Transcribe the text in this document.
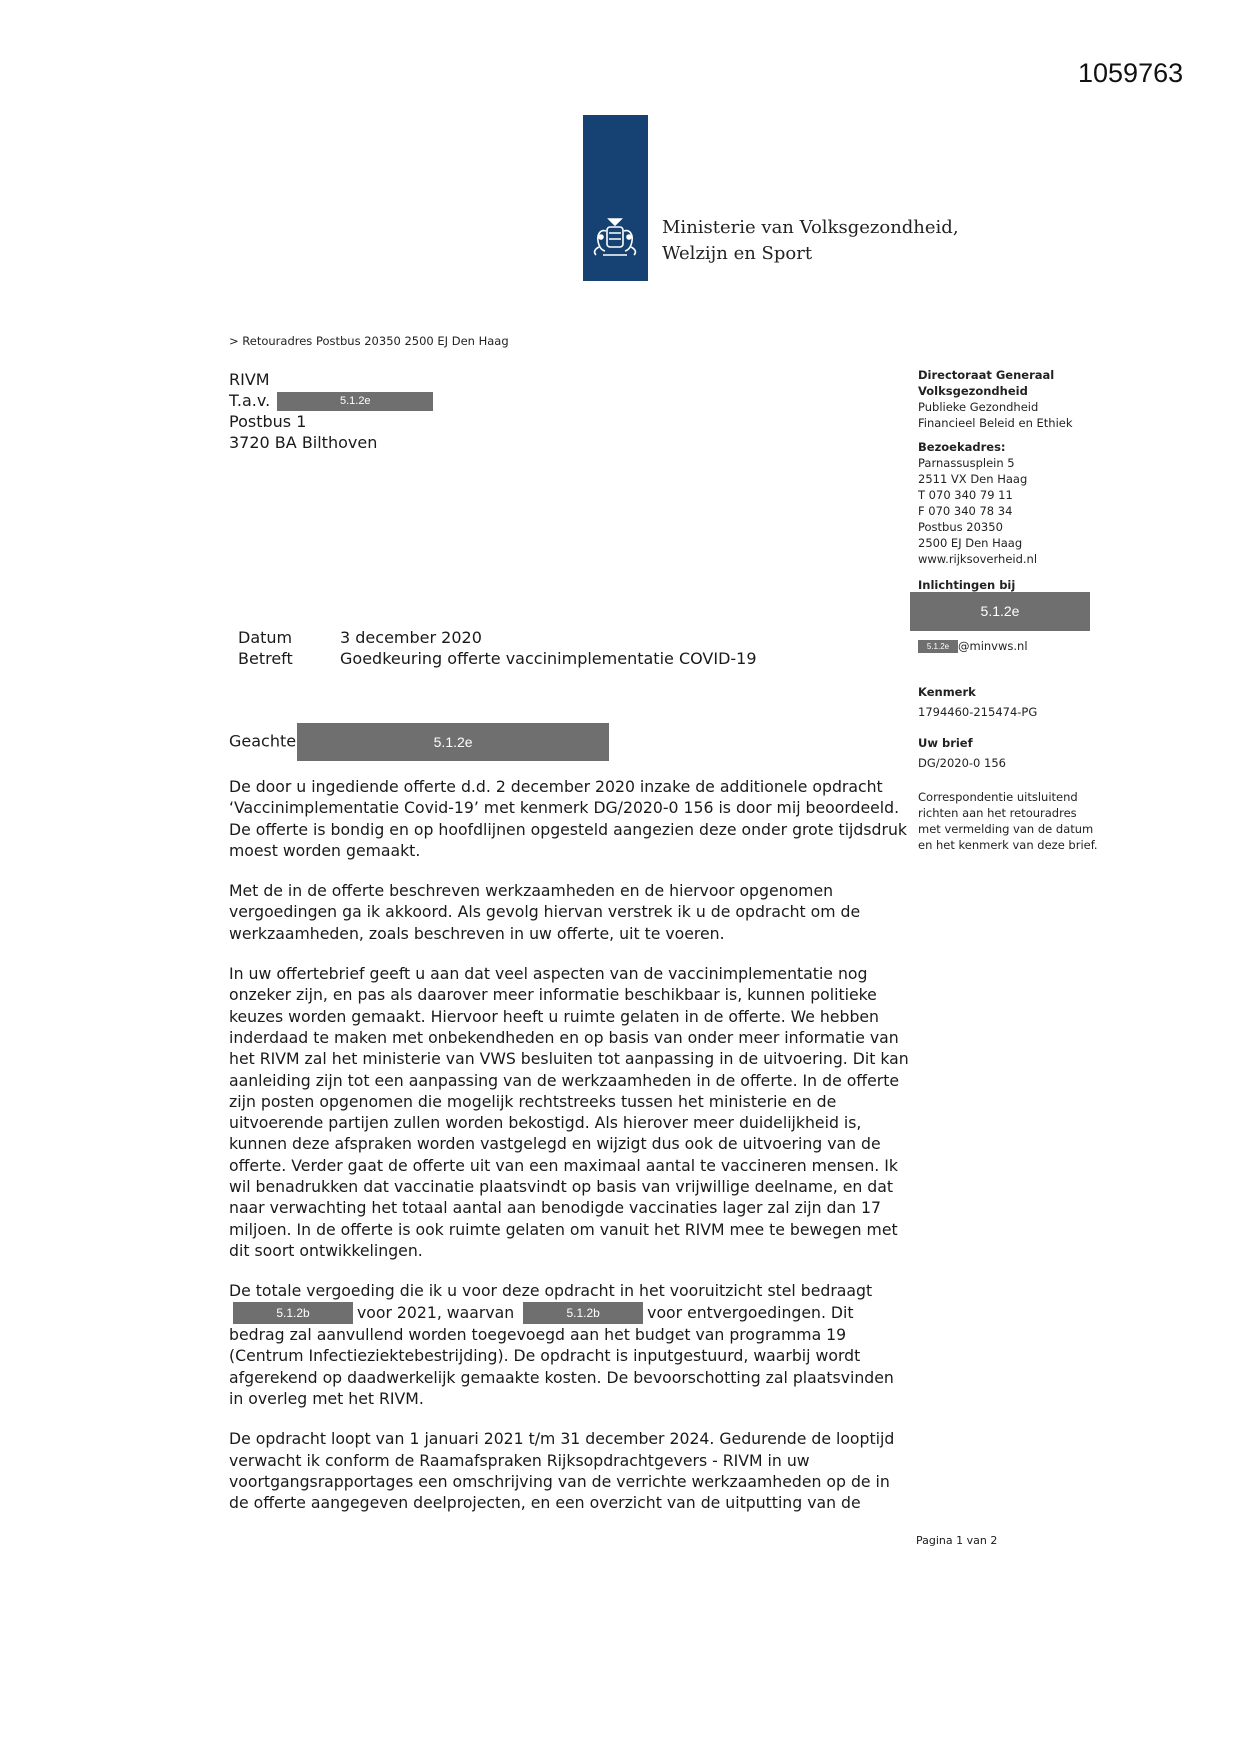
1059763
Ministerie van Volksgezondheid,
Welzijn en Sport
> Retouradres Postbus 20350 2500 EJ Den Haag
RIVM
T.a.v.	5.1.2e
Postbus 1
3720 BA Bilthoven
Directoraat Generaal
Volksgezondheid
Publieke Gezondheid
Financieel Beleid en Ethiek
Bezoekadres:
Parnassusplein 5
2511 VX Den Haag
T 070 340 79 11
F 070 340 78 34
Postbus 20350
2500 EJ Den Haag
www.rijksoverheid.nl
Inlichtingen bij
5.1.2e
5.1.2e @minvws.nl
Kenmerk
1794460-215474-PG
Uw brief
DG/2020-0 156
Correspondentie uitsluitend richten aan het retouradres met vermelding van de datum en het kenmerk van deze brief.
Datum	3 december 2020
Betreft	Goedkeuring offerte vaccinimplementatie COVID-19
Geachte	5.1.2e

De door u ingediende offerte d.d. 2 december 2020 inzake de additionele opdracht ‘Vaccinimplementatie Covid-19’ met kenmerk DG/2020-0 156 is door mij beoordeeld. De offerte is bondig en op hoofdlijnen opgesteld aangezien deze onder grote tijdsdruk moest worden gemaakt.

Met de in de offerte beschreven werkzaamheden en de hiervoor opgenomen vergoedingen ga ik akkoord. Als gevolg hiervan verstrek ik u de opdracht om de werkzaamheden, zoals beschreven in uw offerte, uit te voeren.

In uw offertebrief geeft u aan dat veel aspecten van de vaccinimplementatie nog onzeker zijn, en pas als daarover meer informatie beschikbaar is, kunnen politieke keuzes worden gemaakt. Hiervoor heeft u ruimte gelaten in de offerte. We hebben inderdaad te maken met onbekendheden en op basis van onder meer informatie van het RIVM zal het ministerie van VWS besluiten tot aanpassing in de uitvoering. Dit kan aanleiding zijn tot een aanpassing van de werkzaamheden in de offerte. In de offerte zijn posten opgenomen die mogelijk rechtstreeks tussen het ministerie en de uitvoerende partijen zullen worden bekostigd. Als hierover meer duidelijkheid is, kunnen deze afspraken worden vastgelegd en wijzigt dus ook de uitvoering van de offerte. Verder gaat de offerte uit van een maximaal aantal te vaccineren mensen. Ik wil benadrukken dat vaccinatie plaatsvindt op basis van vrijwillige deelname, en dat naar verwachting het totaal aantal aan benodigde vaccinaties lager zal zijn dan 17 miljoen. In de offerte is ook ruimte gelaten om vanuit het RIVM mee te bewegen met dit soort ontwikkelingen.

De totale vergoeding die ik u voor deze opdracht in het vooruitzicht stel bedraagt 5.1.2b	voor 2021, waarvan	5.1.2b	voor entvergoedingen. Dit bedrag zal aanvullend worden toegevoegd aan het budget van programma 19 (Centrum Infectieziektebestrijding). De opdracht is inputgestuurd, waarbij wordt afgerekend op daadwerkelijk gemaakte kosten. De bevoorschotting zal plaatsvinden in overleg met het RIVM.

De opdracht loopt van 1 januari 2021 t/m 31 december 2024. Gedurende de looptijd verwacht ik conform de Raamafspraken Rijksopdrachtgevers - RIVM in uw voortgangsrapportages een omschrijving van de verrichte werkzaamheden op de in de offerte aangegeven deelprojecten, en een overzicht van de uitputting van de

Pagina 1 van 2
